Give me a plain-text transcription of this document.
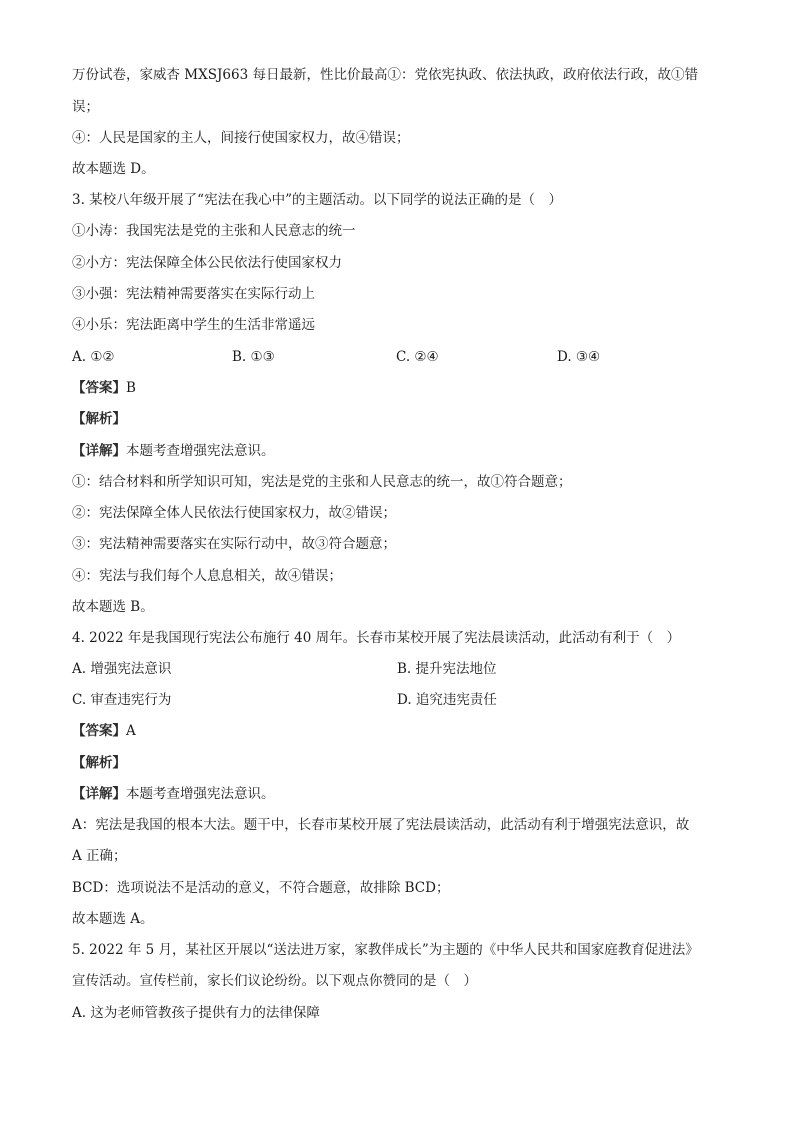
万份试卷，家威杏 MXSJ663 每日最新，性比价最高①：党依宪执政、依法执政，政府依法行政，故①错
误；
④：人民是国家的主人，间接行使国家权力，故④错误；
故本题选 D。
3. 某校八年级开展了“宪法在我心中”的主题活动。以下同学的说法正确的是（　）
①小涛：我国宪法是党的主张和人民意志的统一
②小方：宪法保障全体公民依法行使国家权力
③小强：宪法精神需要落实在实际行动上
④小乐：宪法距离中学生的生活非常遥远
A. ①②	B. ①③	C. ②④	D. ③④
【答案】B
【解析】
【详解】本题考查增强宪法意识。
①：结合材料和所学知识可知，宪法是党的主张和人民意志的统一，故①符合题意；
②：宪法保障全体人民依法行使国家权力，故②错误；
③：宪法精神需要落实在实际行动中，故③符合题意；
④：宪法与我们每个人息息相关，故④错误；
故本题选 B。
4. 2022 年是我国现行宪法公布施行 40 周年。长春市某校开展了宪法晨读活动，此活动有利于（　）
A. 增强宪法意识	B. 提升宪法地位
C. 审查违宪行为	D. 追究违宪责任
【答案】A
【解析】
【详解】本题考查增强宪法意识。
A：宪法是我国的根本大法。题干中，长春市某校开展了宪法晨读活动，此活动有利于增强宪法意识，故
A 正确；
BCD：选项说法不是活动的意义，不符合题意，故排除 BCD；
故本题选 A。
5. 2022 年 5 月，某社区开展以“送法进万家，家教伴成长”为主题的《中华人民共和国家庭教育促进法》
宣传活动。宣传栏前，家长们议论纷纷。以下观点你赞同的是（　）
A. 这为老师管教孩子提供有力的法律保障
